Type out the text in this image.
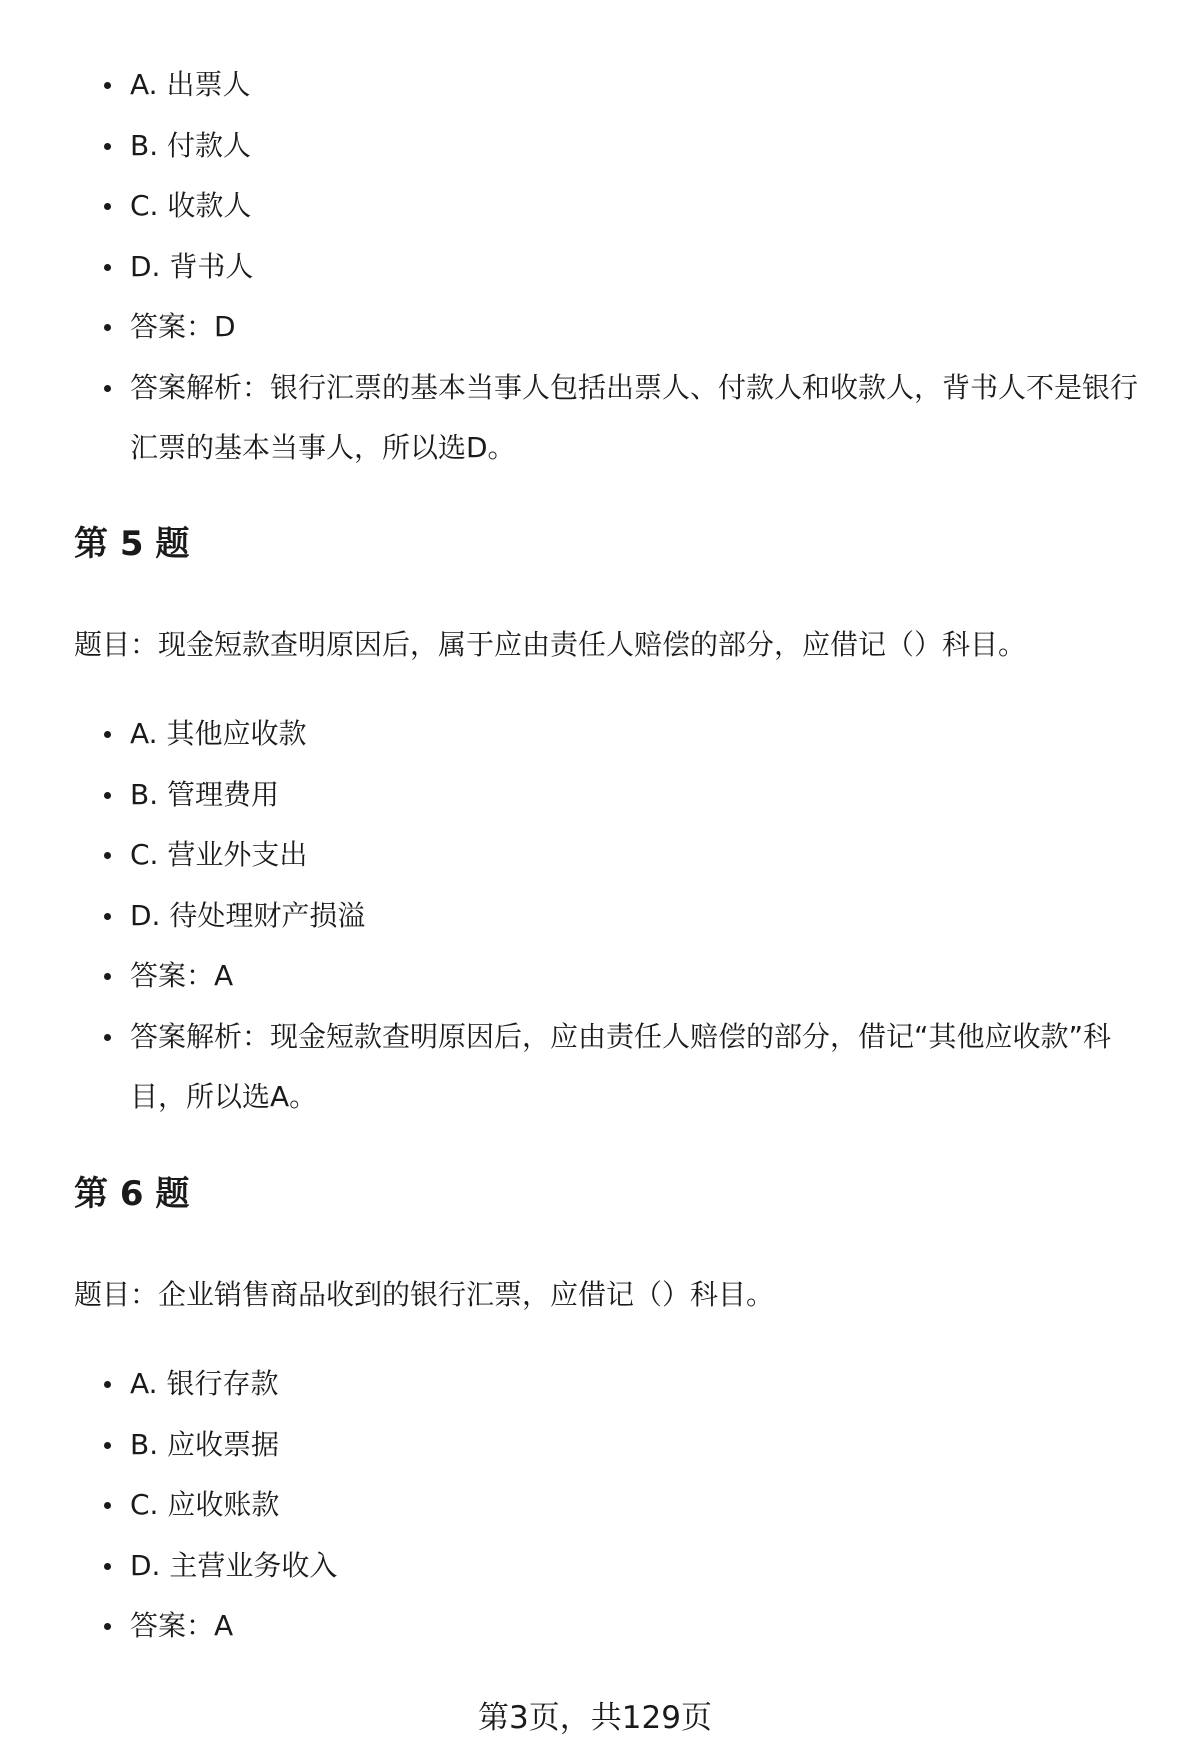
A. 出票人
B. 付款人
C. 收款人
D. 背书人
答案：D
答案解析：银行汇票的基本当事人包括出票人、付款人和收款人，背书人不是银行汇票的基本当事人，所以选D。
第 5 题

题目：现金短款查明原因后，属于应由责任人赔偿的部分，应借记（）科目。

A. 其他应收款
B. 管理费用
C. 营业外支出
D. 待处理财产损溢
答案：A
答案解析：现金短款查明原因后，应由责任人赔偿的部分，借记“其他应收款”科目，所以选A。
第 6 题

题目：企业销售商品收到的银行汇票，应借记（）科目。

A. 银行存款
B. 应收票据
C. 应收账款
D. 主营业务收入
答案：A
第3页，共129页
